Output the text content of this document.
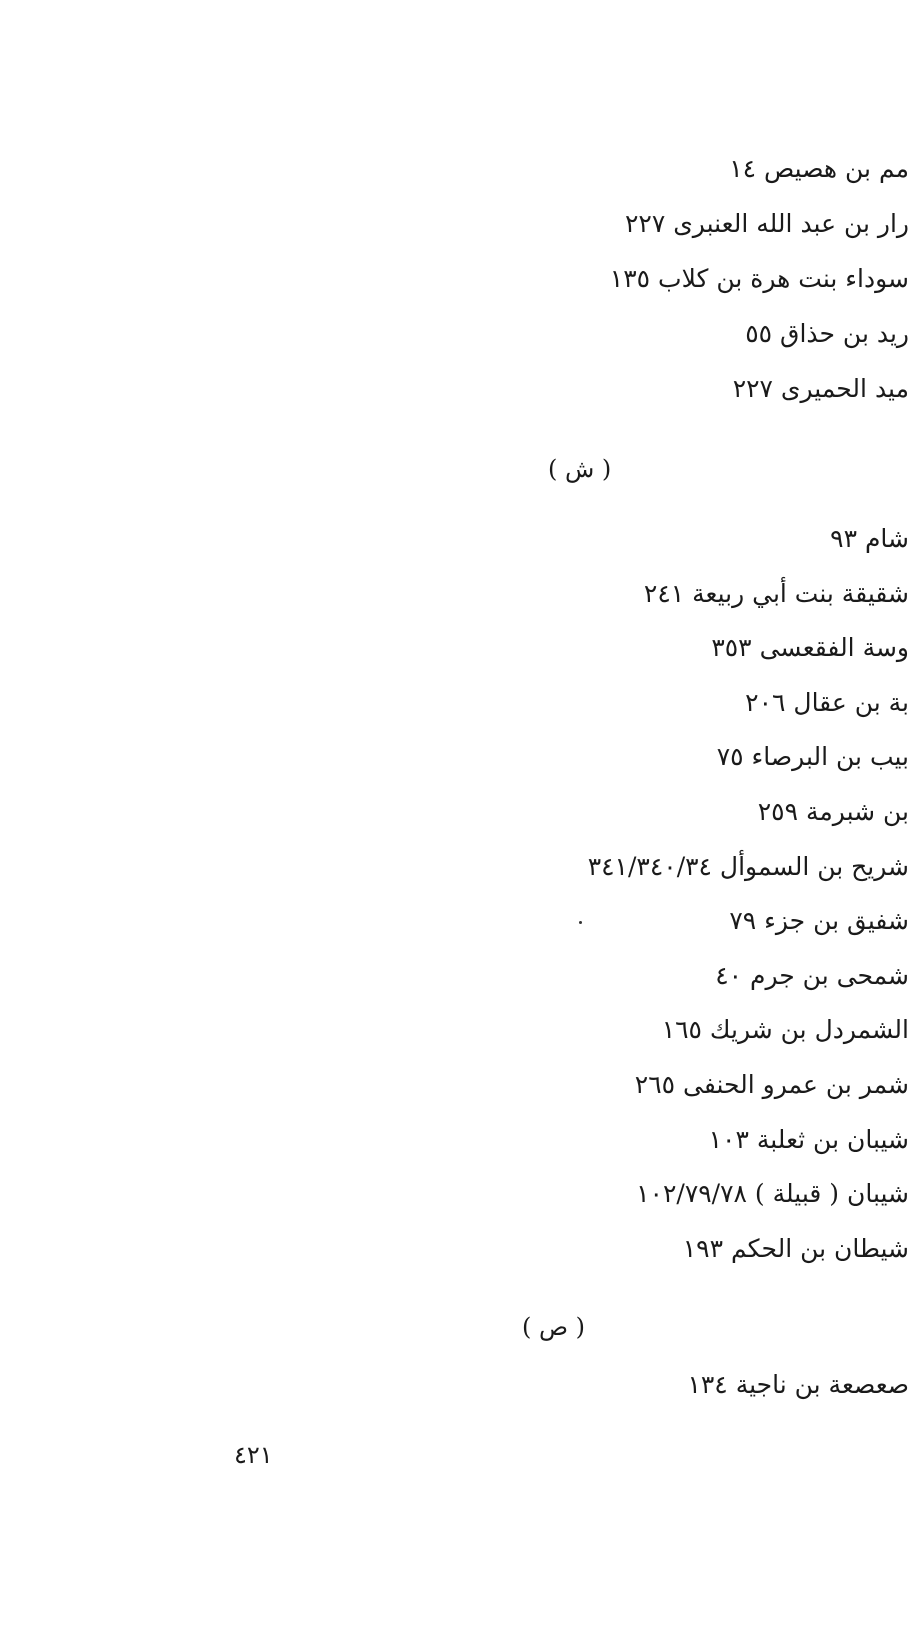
مم بن هصيص ١٤
رار بن عبد الله العنبرى ٢٢٧
سوداء بنت هرة بن كلاب ١٣٥
ريد بن حذاق ٥٥
ميد الحميرى ٢٢٧
( ش )
شام ٩٣
شقيقة بنت أبي ربيعة ٢٤١
وسة الفقعسى ٣٥٣
بة بن عقال ٢٠٦
بيب بن البرصاء ٧٥
بن شبرمة ٢٥٩
شريح بن السموأل ٣٤١/٣٤٠/٣٤
شفيق بن جزء ٧٩
شمحى بن جرم ٤٠
الشمردل بن شريك ١٦٥
شمر بن عمرو الحنفى ٢٦٥
شيبان بن ثعلبة ١٠٣
شيبان ( قبيلة ) ١٠٢/٧٩/٧٨
شيطان بن الحكم ١٩٣
( ص )
صعصعة بن ناجية ١٣٤
٤٢١
